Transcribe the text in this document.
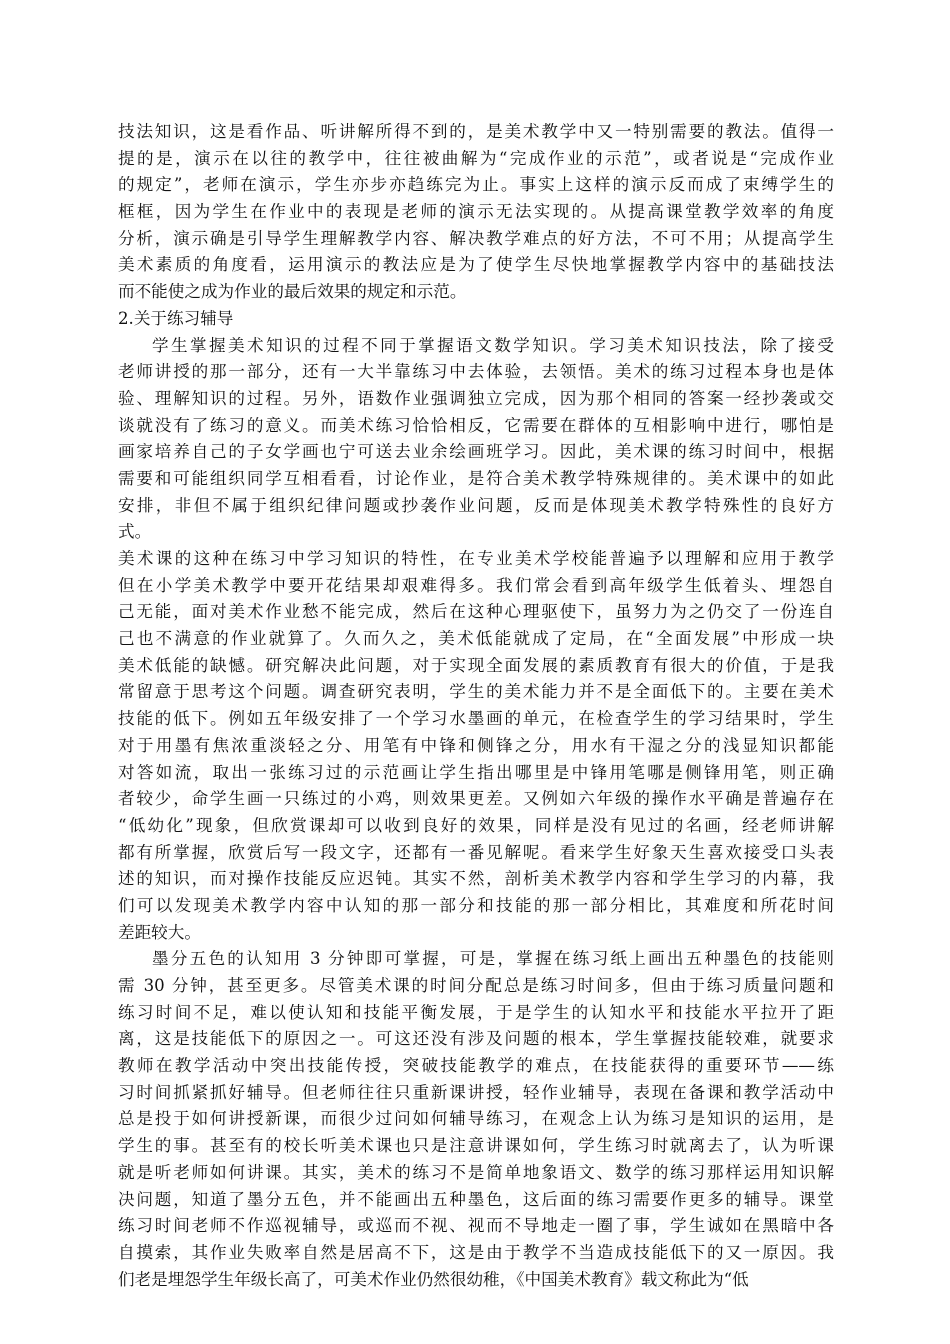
技法知识，这是看作品、听讲解所得不到的，是美术教学中又一特别需要的教法。值得一
提的是，演示在以往的教学中，往往被曲解为“完成作业的示范”，或者说是“完成作业
的规定”，老师在演示，学生亦步亦趋练完为止。事实上这样的演示反而成了束缚学生的
框框，因为学生在作业中的表现是老师的演示无法实现的。从提高课堂教学效率的角度
分析，演示确是引导学生理解教学内容、解决教学难点的好方法，不可不用；从提高学生
美术素质的角度看，运用演示的教法应是为了使学生尽快地掌握教学内容中的基础技法
而不能使之成为作业的最后效果的规定和示范。
2.关于练习辅导
学生掌握美术知识的过程不同于掌握语文数学知识。学习美术知识技法，除了接受
老师讲授的那一部分，还有一大半靠练习中去体验，去领悟。美术的练习过程本身也是体
验、理解知识的过程。另外，语数作业强调独立完成，因为那个相同的答案一经抄袭或交
谈就没有了练习的意义。而美术练习恰恰相反，它需要在群体的互相影响中进行，哪怕是
画家培养自己的子女学画也宁可送去业余绘画班学习。因此，美术课的练习时间中，根据
需要和可能组织同学互相看看，讨论作业，是符合美术教学特殊规律的。美术课中的如此
安排，非但不属于组织纪律问题或抄袭作业问题，反而是体现美术教学特殊性的良好方
式。
美术课的这种在练习中学习知识的特性，在专业美术学校能普遍予以理解和应用于教学
但在小学美术教学中要开花结果却艰难得多。我们常会看到高年级学生低着头、埋怨自
己无能，面对美术作业愁不能完成，然后在这种心理驱使下，虽努力为之仍交了一份连自
己也不满意的作业就算了。久而久之，美术低能就成了定局，在“全面发展”中形成一块
美术低能的缺憾。研究解决此问题，对于实现全面发展的素质教育有很大的价值，于是我
常留意于思考这个问题。调查研究表明，学生的美术能力并不是全面低下的。主要在美术
技能的低下。例如五年级安排了一个学习水墨画的单元，在检查学生的学习结果时，学生
对于用墨有焦浓重淡轻之分、用笔有中锋和侧锋之分，用水有干湿之分的浅显知识都能
对答如流，取出一张练习过的示范画让学生指出哪里是中锋用笔哪是侧锋用笔，则正确
者较少，命学生画一只练过的小鸡，则效果更差。又例如六年级的操作水平确是普遍存在
“低幼化”现象，但欣赏课却可以收到良好的效果，同样是没有见过的名画，经老师讲解
都有所掌握，欣赏后写一段文字，还都有一番见解呢。看来学生好象天生喜欢接受口头表
述的知识，而对操作技能反应迟钝。其实不然，剖析美术教学内容和学生学习的内幕，我
们可以发现美术教学内容中认知的那一部分和技能的那一部分相比，其难度和所花时间
差距较大。
墨分五色的认知用 3 分钟即可掌握，可是，掌握在练习纸上画出五种墨色的技能则
需 30 分钟，甚至更多。尽管美术课的时间分配总是练习时间多，但由于练习质量问题和
练习时间不足，难以使认知和技能平衡发展，于是学生的认知水平和技能水平拉开了距
离，这是技能低下的原因之一。可这还没有涉及问题的根本，学生掌握技能较难，就要求
教师在教学活动中突出技能传授，突破技能教学的难点，在技能获得的重要环节——练
习时间抓紧抓好辅导。但老师往往只重新课讲授，轻作业辅导，表现在备课和教学活动中
总是投于如何讲授新课，而很少过问如何辅导练习，在观念上认为练习是知识的运用，是
学生的事。甚至有的校长听美术课也只是注意讲课如何，学生练习时就离去了，认为听课
就是听老师如何讲课。其实，美术的练习不是简单地象语文、数学的练习那样运用知识解
决问题，知道了墨分五色，并不能画出五种墨色，这后面的练习需要作更多的辅导。课堂
练习时间老师不作巡视辅导，或巡而不视、视而不导地走一圈了事，学生诚如在黑暗中各
自摸索，其作业失败率自然是居高不下，这是由于教学不当造成技能低下的又一原因。我
们老是埋怨学生年级长高了，可美术作业仍然很幼稚，《中国美术教育》载文称此为“低
